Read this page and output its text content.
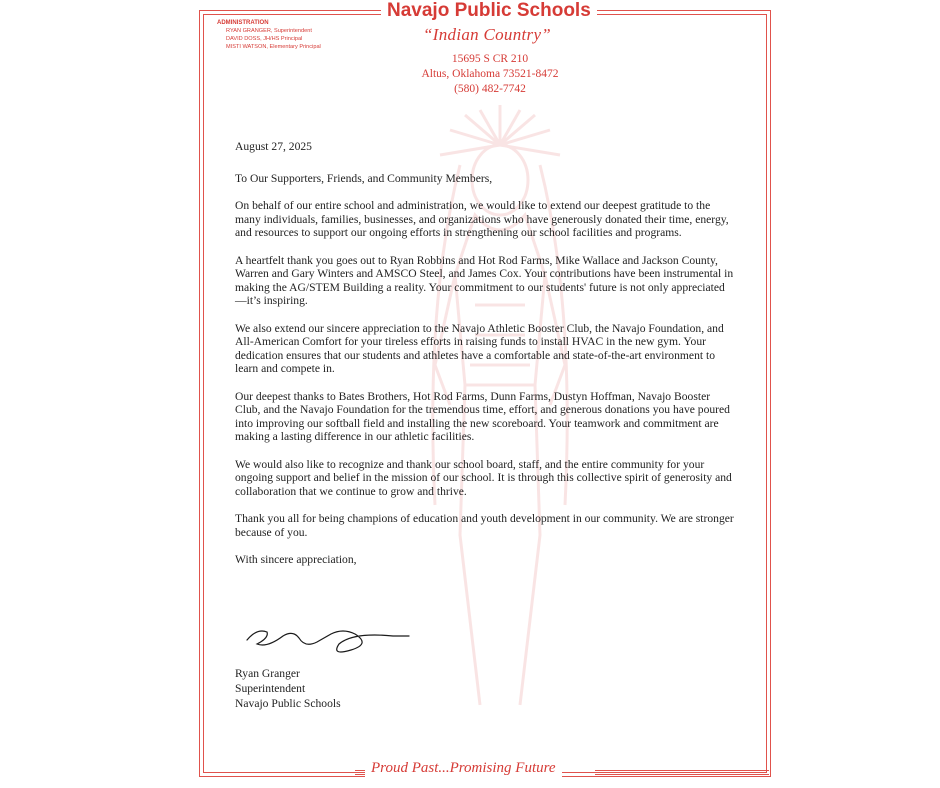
Navajo Public Schools
ADMINISTRATION
RYAN GRANGER, Superintendent
DAVID DOSS, JH/HS Principal
MISTI WATSON, Elementary Principal
“Indian Country”
15695 S CR 210
Altus, Oklahoma 73521-8472
(580) 482-7742

August 27, 2025

To Our Supporters, Friends, and Community Members,

On behalf of our entire school and administration, we would like to extend our deepest gratitude to the many individuals, families, businesses, and organizations who have generously donated their time, energy, and resources to support our ongoing efforts in strengthening our school facilities and programs.

A heartfelt thank you goes out to Ryan Robbins and Hot Rod Farms, Mike Wallace and Jackson County, Warren and Gary Winters and AMSCO Steel, and James Cox. Your contributions have been instrumental in making the AG/STEM Building a reality. Your commitment to our students' future is not only appreciated—it’s inspiring.

We also extend our sincere appreciation to the Navajo Athletic Booster Club, the Navajo Foundation, and All-American Comfort for your tireless efforts in raising funds to install HVAC in the new gym. Your dedication ensures that our students and athletes have a comfortable and state-of-the-art environment to learn and compete in.

Our deepest thanks to Bates Brothers, Hot Rod Farms, Dunn Farms, Dustyn Hoffman, Navajo Booster Club, and the Navajo Foundation for the tremendous time, effort, and generous donations you have poured into improving our softball field and installing the new scoreboard. Your teamwork and commitment are making a lasting difference in our athletic facilities.

We would also like to recognize and thank our school board, staff, and the entire community for your ongoing support and belief in the mission of our school. It is through this collective spirit of generosity and collaboration that we continue to grow and thrive.

Thank you all for being champions of education and youth development in our community. We are stronger because of you.

With sincere appreciation,

Ryan Granger
Superintendent
Navajo Public Schools
Proud Past...Promising Future
